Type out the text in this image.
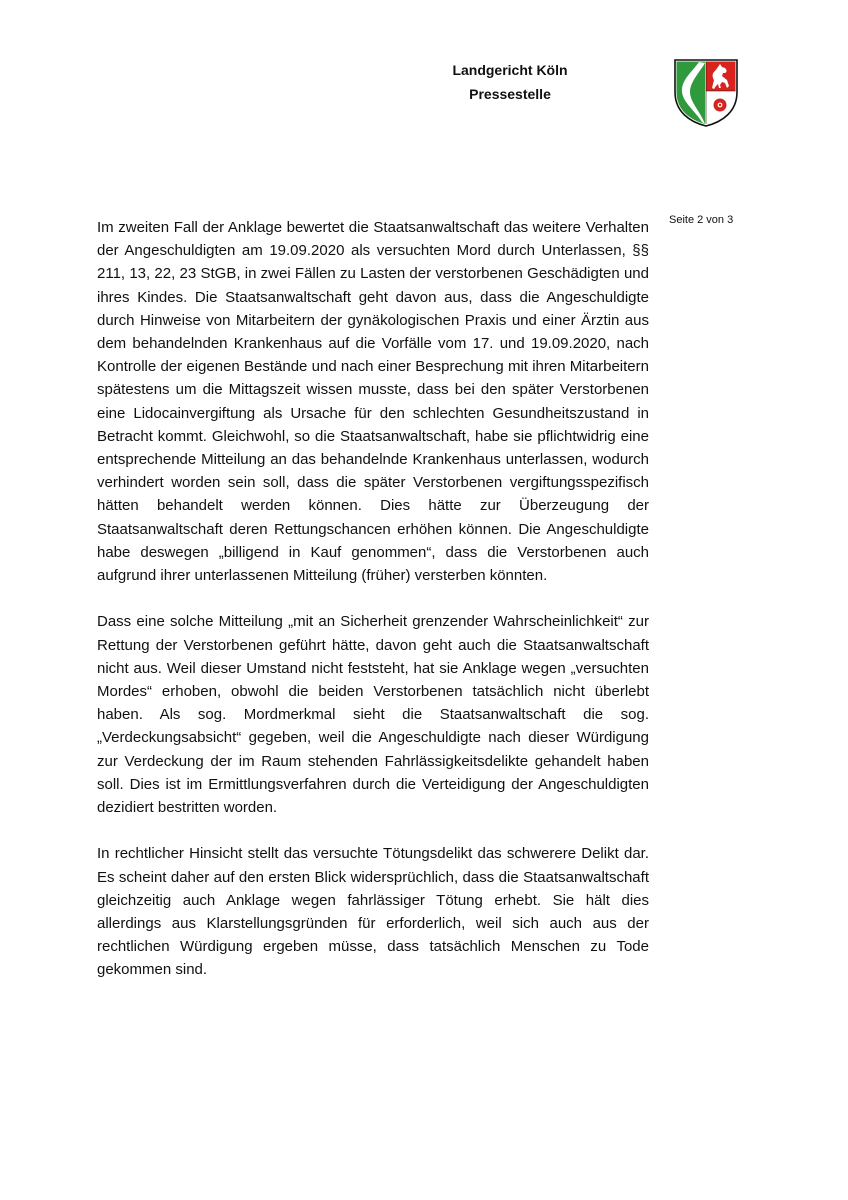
Landgericht Köln
Pressestelle
Seite 2 von 3

Im zweiten Fall der Anklage bewertet die Staatsanwaltschaft das weitere Verhalten der Angeschuldigten am 19.09.2020 als versuchten Mord durch Unterlassen, §§ 211, 13, 22, 23 StGB, in zwei Fällen zu Lasten der verstorbenen Geschädigten und ihres Kindes. Die Staatsanwaltschaft geht davon aus, dass die Angeschuldigte durch Hinweise von Mitarbeitern der gynäkologischen Praxis und einer Ärztin aus dem behandelnden Krankenhaus auf die Vorfälle vom 17. und 19.09.2020, nach Kontrolle der eigenen Bestände und nach einer Besprechung mit ihren Mitarbeitern spätestens um die Mittagszeit wissen musste, dass bei den später Verstorbenen eine Lidocainvergiftung als Ursache für den schlechten Gesundheitszustand in Betracht kommt. Gleichwohl, so die Staatsanwaltschaft, habe sie pflichtwidrig eine entsprechende Mitteilung an das behandelnde Krankenhaus unterlassen, wodurch verhindert worden sein soll, dass die später Verstorbenen vergiftungsspezifisch hätten behandelt werden können. Dies hätte zur Überzeugung der Staatsanwaltschaft deren Rettungschancen erhöhen können. Die Angeschuldigte habe deswegen „billigend in Kauf genommen“, dass die Verstorbenen auch aufgrund ihrer unterlassenen Mitteilung (früher) versterben könnten.

Dass eine solche Mitteilung „mit an Sicherheit grenzender Wahrscheinlichkeit“ zur Rettung der Verstorbenen geführt hätte, davon geht auch die Staatsanwaltschaft nicht aus. Weil dieser Umstand nicht feststeht, hat sie Anklage wegen „versuchten Mordes“ erhoben, obwohl die beiden Verstorbenen tatsächlich nicht überlebt haben. Als sog. Mordmerkmal sieht die Staatsanwaltschaft die sog. „Verdeckungsabsicht“ gegeben, weil die Angeschuldigte nach dieser Würdigung zur Verdeckung der im Raum stehenden Fahrlässigkeitsdelikte gehandelt haben soll. Dies ist im Ermittlungsverfahren durch die Verteidigung der Angeschuldigten dezidiert bestritten worden.

In rechtlicher Hinsicht stellt das versuchte Tötungsdelikt das schwerere Delikt dar. Es scheint daher auf den ersten Blick widersprüchlich, dass die Staatsanwaltschaft gleichzeitig auch Anklage wegen fahrlässiger Tötung erhebt. Sie hält dies allerdings aus Klarstellungsgründen für erforderlich, weil sich auch aus der rechtlichen Würdigung ergeben müsse, dass tatsächlich Menschen zu Tode gekommen sind.
